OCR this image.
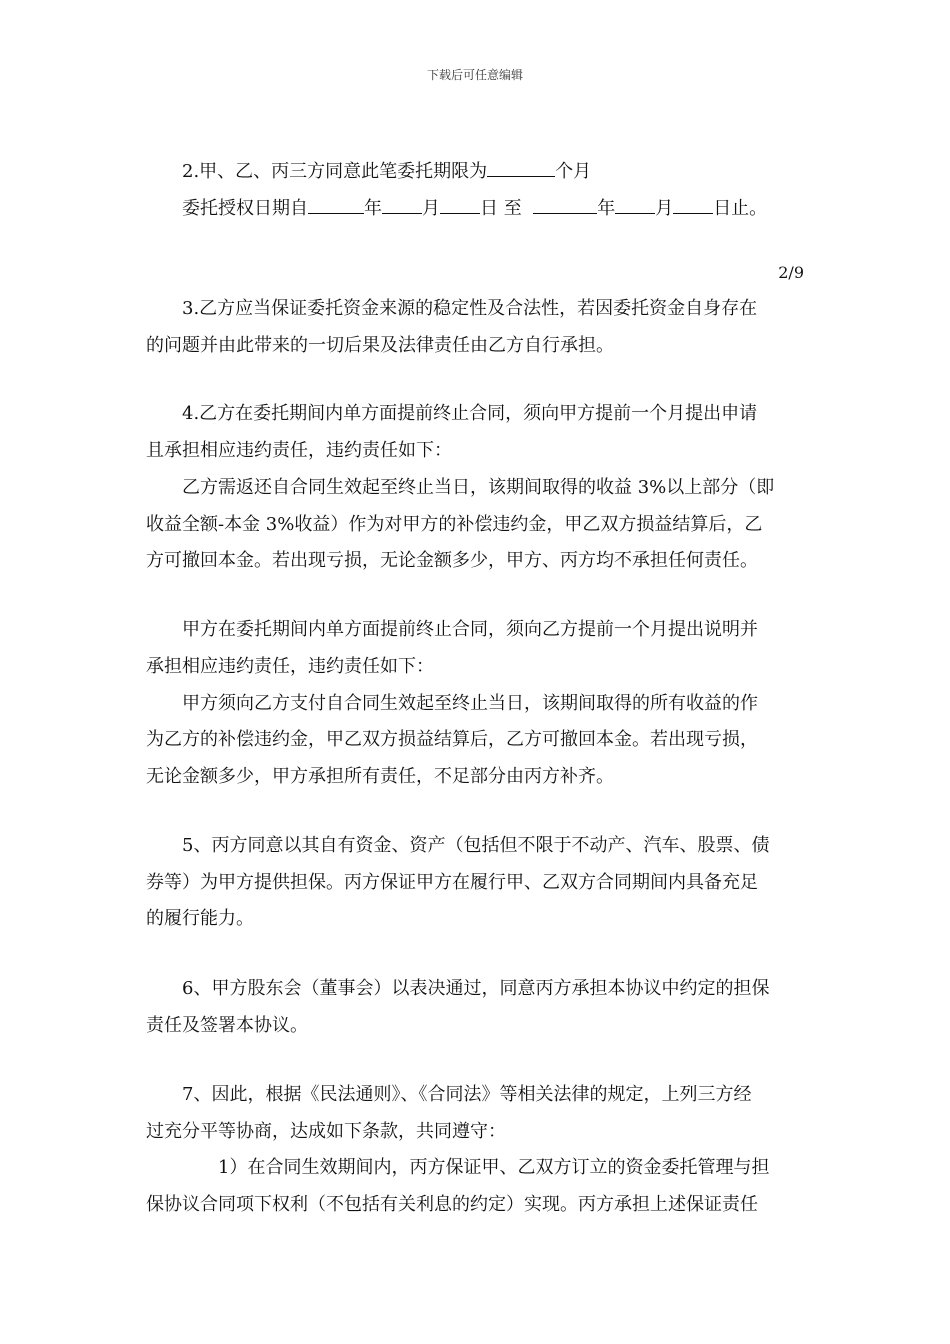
下载后可任意编辑
2.甲、乙、丙三方同意此笔委托期限为	个月
委托授权日期自	年 月 日 至	年 月 日止。
2/9
3.乙方应当保证委托资金来源的稳定性及合法性，若因委托资金自身存在
的问题并由此带来的一切后果及法律责任由乙方自行承担。
4.乙方在委托期间内单方面提前终止合同，须向甲方提前一个月提出申请
且承担相应违约责任，违约责任如下：
乙方需返还自合同生效起至终止当日，该期间取得的收益 3%以上部分（即
收益全额-本金 3%收益）作为对甲方的补偿违约金，甲乙双方损益结算后，乙
方可撤回本金。若出现亏损，无论金额多少，甲方、丙方均不承担任何责任。
甲方在委托期间内单方面提前终止合同，须向乙方提前一个月提出说明并
承担相应违约责任，违约责任如下：
甲方须向乙方支付自合同生效起至终止当日，该期间取得的所有收益的作
为乙方的补偿违约金，甲乙双方损益结算后，乙方可撤回本金。若出现亏损，
无论金额多少，甲方承担所有责任，不足部分由丙方补齐。
5、丙方同意以其自有资金、资产（包括但不限于不动产、汽车、股票、债
券等）为甲方提供担保。丙方保证甲方在履行甲、乙双方合同期间内具备充足
的履行能力。
6、甲方股东会（董事会）以表决通过，同意丙方承担本协议中约定的担保
责任及签署本协议。
7、因此，根据《民法通则》、《合同法》等相关法律的规定，上列三方经
过充分平等协商，达成如下条款，共同遵守：
1）在合同生效期间内，丙方保证甲、乙双方订立的资金委托管理与担
保协议合同项下权利（不包括有关利息的约定）实现。丙方承担上述保证责任
